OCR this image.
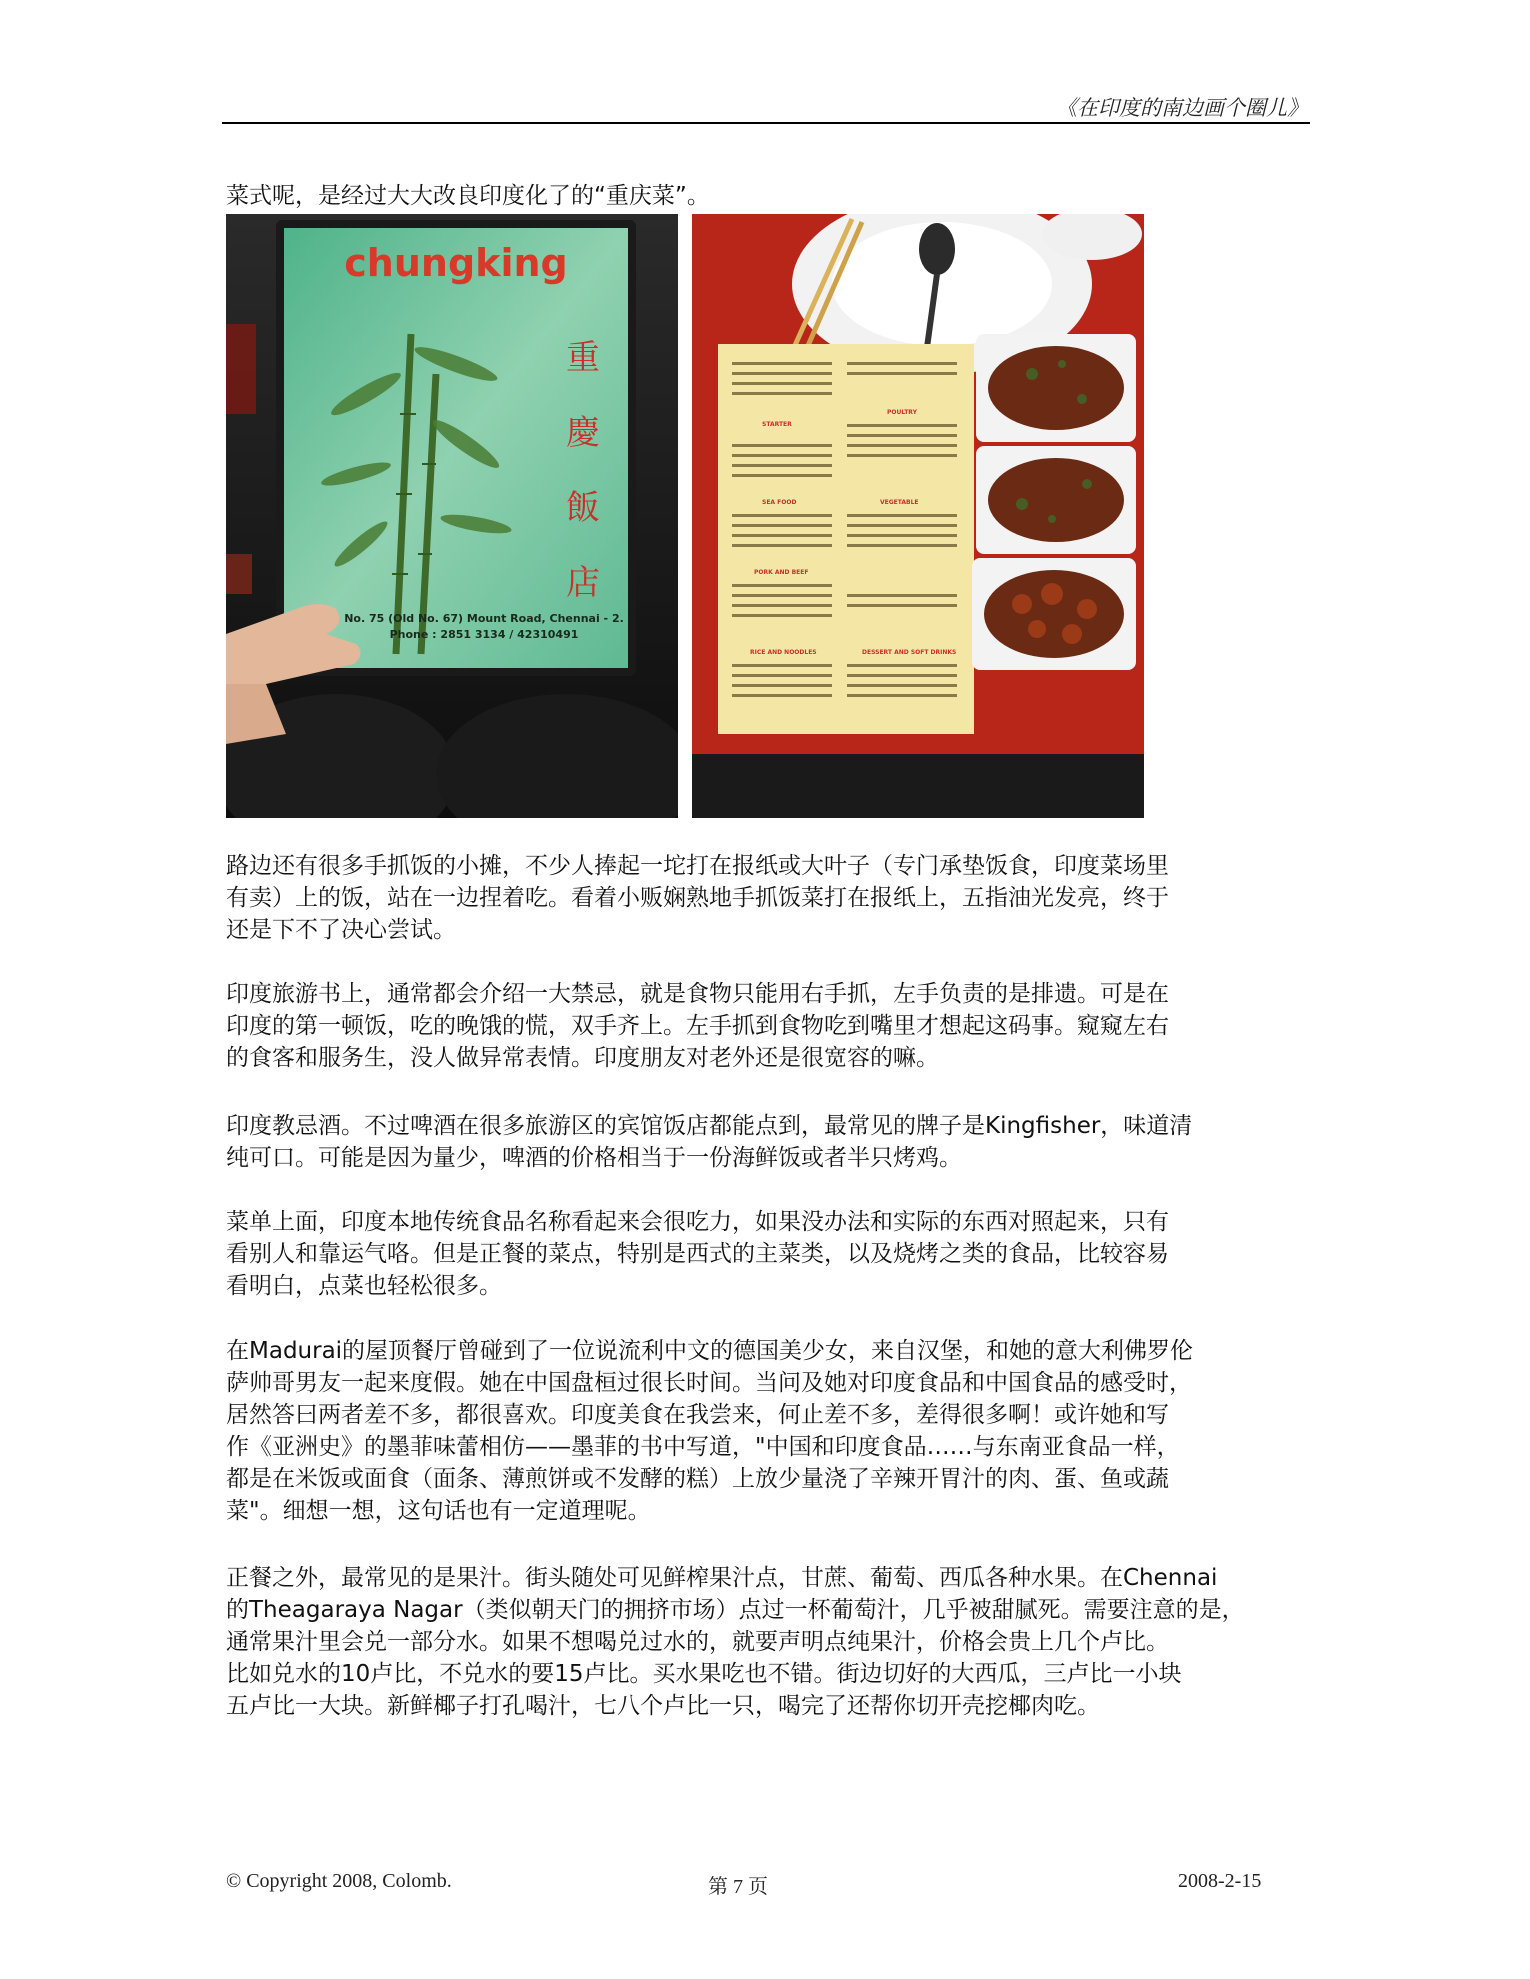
《在印度的南边画个圈儿》
菜式呢，是经过大大改良印度化了的“重庆菜”。
chungking
重
慶
飯
店
No. 75 (Old No. 67) Mount Road, Chennai - 2.
Phone : 2851 3134 / 42310491
STARTER
SEA FOOD
PORK AND BEEF
RICE AND NOODLES
POULTRY
VEGETABLE
DESSERT AND SOFT DRINKS

路边还有很多手抓饭的小摊，不少人捧起一坨打在报纸或大叶子（专门承垫饭食，印度菜场里
有卖）上的饭，站在一边捏着吃。看着小贩娴熟地手抓饭菜打在报纸上，五指油光发亮，终于
还是下不了决心尝试。

印度旅游书上，通常都会介绍一大禁忌，就是食物只能用右手抓，左手负责的是排遗。可是在
印度的第一顿饭，吃的晚饿的慌，双手齐上。左手抓到食物吃到嘴里才想起这码事。窥窥左右
的食客和服务生，没人做异常表情。印度朋友对老外还是很宽容的嘛。

印度教忌酒。不过啤酒在很多旅游区的宾馆饭店都能点到，最常见的牌子是Kingfisher，味道清
纯可口。可能是因为量少，啤酒的价格相当于一份海鲜饭或者半只烤鸡。

菜单上面，印度本地传统食品名称看起来会很吃力，如果没办法和实际的东西对照起来，只有
看别人和靠运气咯。但是正餐的菜点，特别是西式的主菜类，以及烧烤之类的食品，比较容易
看明白，点菜也轻松很多。

在Madurai的屋顶餐厅曾碰到了一位说流利中文的德国美少女，来自汉堡，和她的意大利佛罗伦
萨帅哥男友一起来度假。她在中国盘桓过很长时间。当问及她对印度食品和中国食品的感受时，
居然答曰两者差不多，都很喜欢。印度美食在我尝来，何止差不多，差得很多啊！或许她和写
作《亚洲史》的墨菲味蕾相仿——墨菲的书中写道，"中国和印度食品……与东南亚食品一样，
都是在米饭或面食（面条、薄煎饼或不发酵的糕）上放少量浇了辛辣开胃汁的肉、蛋、鱼或蔬
菜"。细想一想，这句话也有一定道理呢。

正餐之外，最常见的是果汁。街头随处可见鲜榨果汁点，甘蔗、葡萄、西瓜各种水果。在Chennai
的Theagaraya Nagar（类似朝天门的拥挤市场）点过一杯葡萄汁，几乎被甜腻死。需要注意的是，
通常果汁里会兑一部分水。如果不想喝兑过水的，就要声明点纯果汁，价格会贵上几个卢比。
比如兑水的10卢比，不兑水的要15卢比。买水果吃也不错。街边切好的大西瓜，三卢比一小块
五卢比一大块。新鲜椰子打孔喝汁，七八个卢比一只，喝完了还帮你切开壳挖椰肉吃。

© Copyright 2008, Colomb.	第 7 页	2008-2-15
